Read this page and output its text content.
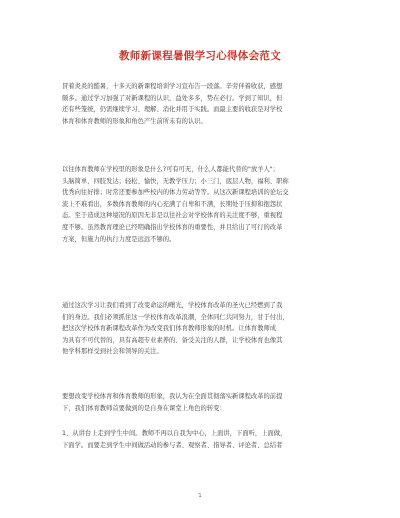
教师新课程暑假学习心得体会范文

冒着炎炎的酷暑，十多天的新课程培训学习宣布告一段落。辛劳伴着收获，感想
颇多。通过学习加强了对新课程的认识，益处多多，势在必行。学到了知识，但
还有些笼统，仍需继续学习、理解、消化并用于实践。而最主要的收获是对学校
体育和体育教师的形象和角色产生前所未有的认识。

以往体育教师在学校里的形象是什么?可有可无，什么人都能代替的"放羊人"；
头脑简单，四肢发达；轻松、愉快，无教学压力；小三门，底层人物，福利、职称
优秀向往好排；时常还要参加些校内的体力劳动等等。从这次新课程培训的论坛交
流上不难看出，多数体育教师的内心充满了自卑和不满，长期处于压抑和抱怨状
态。至于造成这种境况的原因无非是以往社会对学校体育的关注度不够，重视程
度不够。虽然教育理论已经明确指出学校体育的重要性，并且给出了可行的改革
方案，但施力的执行力度是远远不够的。

通过这次学习让我们看到了改变命运的曙光，学校体育改革的圣火已经燃到了我
们的身边。我们必须抓住这一学校体育改革浪潮，全体同仁共同努力，甘于付出，
把这次学校体育新课程改革作为改变我们体育教师形象的时机。让体育教师成
为具有不可代替的，具有高超专业素养的、备受关注的人群，让学校体育也像其
他学科那样受到社会和领导的关注。

要想改变学校体育和体育教师的形象，我认为在全面贯彻落实新课程改革的前提
下，我们体育教师首要做到的是自身在课堂上角色的转变：

1、从讲台上走到学生中间。教师不再以自我为中心，上面讲，下面听，上面做，
下面学。而要走到学生中间做活动的参与者、观察者、指导者、评论者、总结者

1
